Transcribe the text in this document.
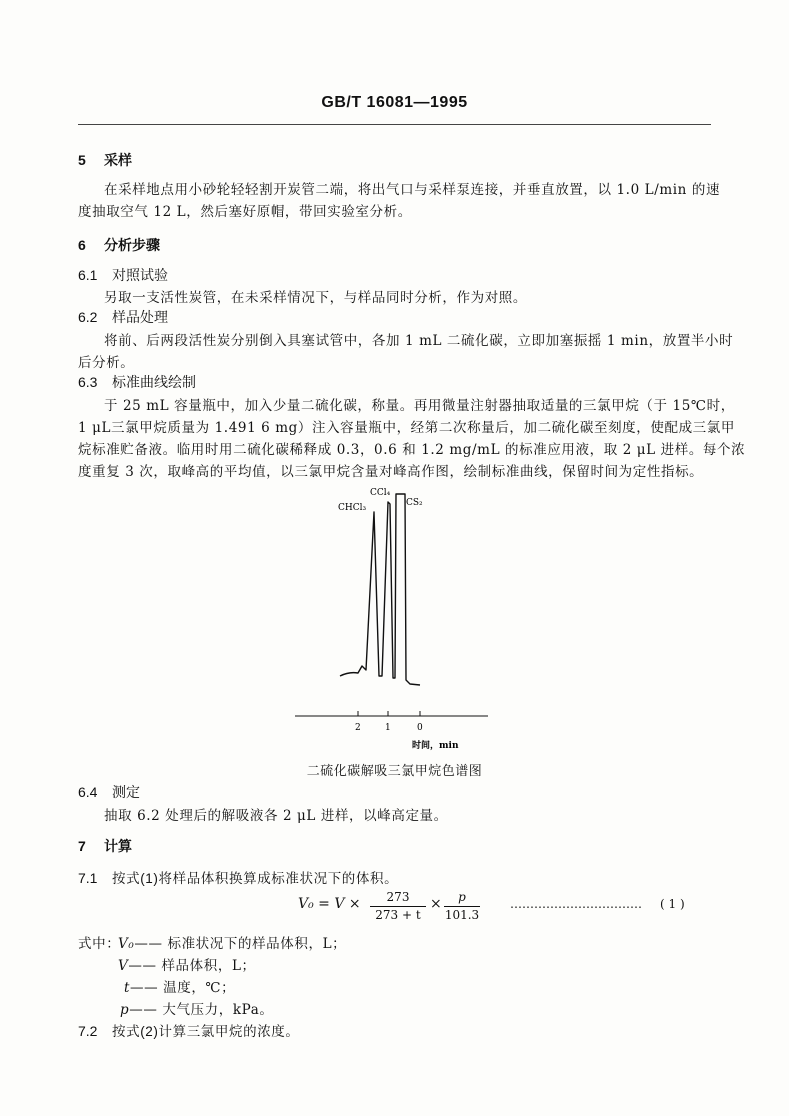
GB/T 16081—1995
5 采样
在采样地点用小砂轮轻轻割开炭管二端，将出气口与采样泵连接，并垂直放置，以 1.0 L/min 的速
度抽取空气 12 L，然后塞好原帽，带回实验室分析。
6 分析步骤
6.1 对照试验
另取一支活性炭管，在未采样情况下，与样品同时分析，作为对照。
6.2 样品处理
将前、后两段活性炭分别倒入具塞试管中，各加 1 mL 二硫化碳，立即加塞振摇 1 min，放置半小时
后分析。
6.3 标准曲线绘制
于 25 mL 容量瓶中，加入少量二硫化碳，称量。再用微量注射器抽取适量的三氯甲烷（于 15℃时，
1 μL三氯甲烷质量为 1.491 6 mg）注入容量瓶中，经第二次称量后，加二硫化碳至刻度，使配成三氯甲
烷标准贮备液。临用时用二硫化碳稀释成 0.3，0.6 和 1.2 mg/mL 的标准应用液，取 2 μL 进样。每个浓
度重复 3 次，取峰高的平均值，以三氯甲烷含量对峰高作图，绘制标准曲线，保留时间为定性指标。
CHCl₃
CCl₄
CS₂
2	1	0
时间，min
二硫化碳解吸三氯甲烷色谱图
6.4 测定
抽取 6.2 处理后的解吸液各 2 μL 进样，以峰高定量。
7 计算
7.1 按式(1)将样品体积换算成标准状况下的体积。
V₀ = V ×	273
273 + t
×	p
101.3
…………………………… ( 1 )
式中：
V₀—— 标准状况下的样品体积，L；
V—— 样品体积，L；
t—— 温度，℃；
p—— 大气压力，kPa。
7.2 按式(2)计算三氯甲烷的浓度。
